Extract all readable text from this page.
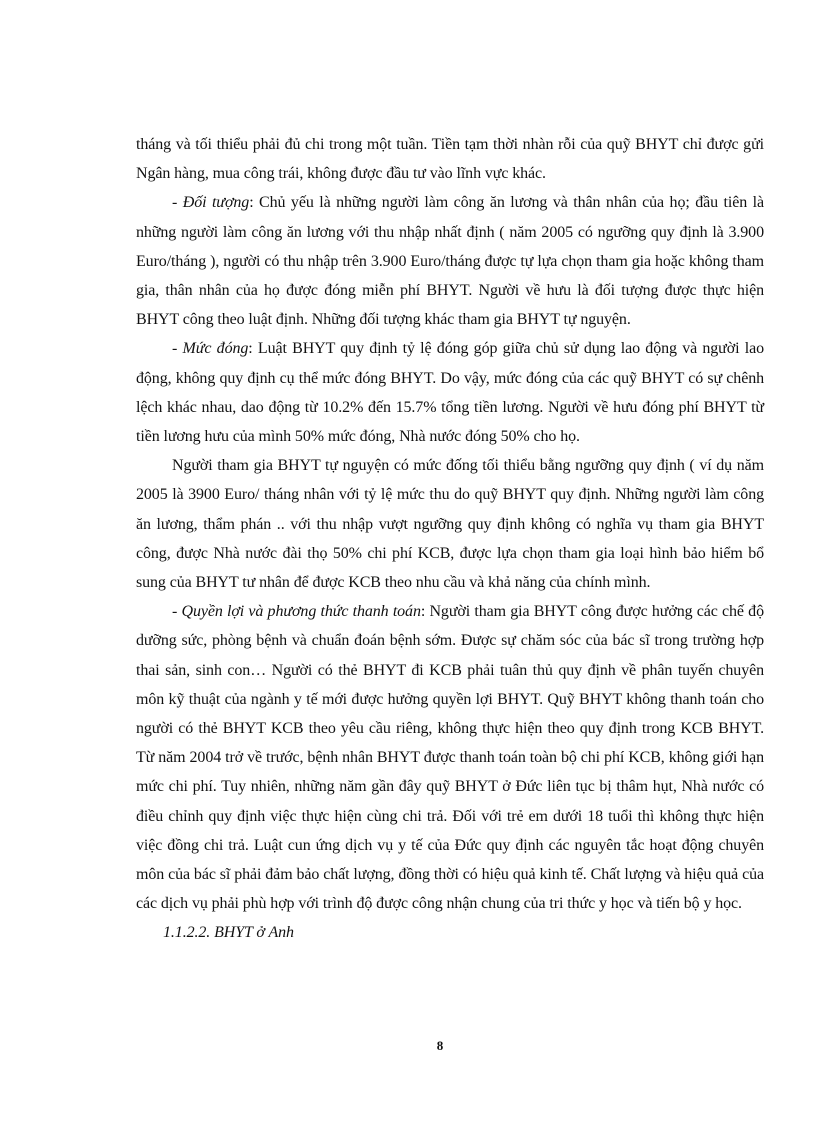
tháng và tối thiểu phải đủ chi trong một tuần. Tiền tạm thời nhàn rỗi của quỹ BHYT chỉ được gửi Ngân hàng, mua công trái, không được đầu tư vào lĩnh vực khác.

- Đối tượng: Chủ yếu là những người làm công ăn lương và thân nhân của họ; đầu tiên là những người làm công ăn lương với thu nhập nhất định ( năm 2005 có ngưỡng quy định là 3.900 Euro/tháng ), người có thu nhập trên 3.900 Euro/tháng được tự lựa chọn tham gia hoặc không tham gia, thân nhân của họ được đóng miễn phí BHYT. Người về hưu là đối tượng được thực hiện BHYT công theo luật định. Những đối tượng khác tham gia BHYT tự nguyện.

- Mức đóng: Luật BHYT quy định tỷ lệ đóng góp giữa chủ sử dụng lao động và người lao động, không quy định cụ thể mức đóng BHYT. Do vậy, mức đóng của các quỹ BHYT có sự chênh lệch khác nhau, dao động từ 10.2% đến 15.7% tổng tiền lương. Người về hưu đóng phí BHYT từ tiền lương hưu của mình 50% mức đóng, Nhà nước đóng 50% cho họ.

Người tham gia BHYT tự nguyện có mức đống tối thiểu bằng ngưỡng quy định ( ví dụ năm 2005 là 3900 Euro/ tháng nhân với tỷ lệ mức thu do quỹ BHYT quy định. Những người làm công ăn lương, thẩm phán .. với thu nhập vượt ngưỡng quy định không có nghĩa vụ tham gia BHYT công, được Nhà nước đài thọ 50% chi phí KCB, được lựa chọn tham gia loại hình bảo hiểm bổ sung của BHYT tư nhân để được KCB theo nhu cầu và khả năng của chính mình.

- Quyền lợi và phương thức thanh toán: Người tham gia BHYT công được hưởng các chế độ dưỡng sức, phòng bệnh và chuẩn đoán bệnh sớm. Được sự chăm sóc của bác sĩ trong trường hợp thai sản, sinh con… Người có thẻ BHYT đi KCB phải tuân thủ quy định về phân tuyến chuyên môn kỹ thuật của ngành y tế mới được hưởng quyền lợi BHYT. Quỹ BHYT không thanh toán cho người có thẻ BHYT KCB theo yêu cầu riêng, không thực hiện theo quy định trong KCB BHYT. Từ năm 2004 trở về trước, bệnh nhân BHYT được thanh toán toàn bộ chi phí KCB, không giới hạn mức chi phí. Tuy nhiên, những năm gần đây quỹ BHYT ở Đức liên tục bị thâm hụt, Nhà nước có điều chỉnh quy định việc thực hiện cùng chi trả. Đối với trẻ em dưới 18 tuổi thì không thực hiện việc đồng chi trả. Luật cun ứng dịch vụ y tế của Đức quy định các nguyên tắc hoạt động chuyên môn của bác sĩ phải đảm bảo chất lượng, đồng thời có hiệu quả kinh tế. Chất lượng và hiệu quả của các dịch vụ phải phù hợp với trình độ được công nhận chung của tri thức y học và tiến bộ y học.

1.1.2.2. BHYT ở Anh

8
